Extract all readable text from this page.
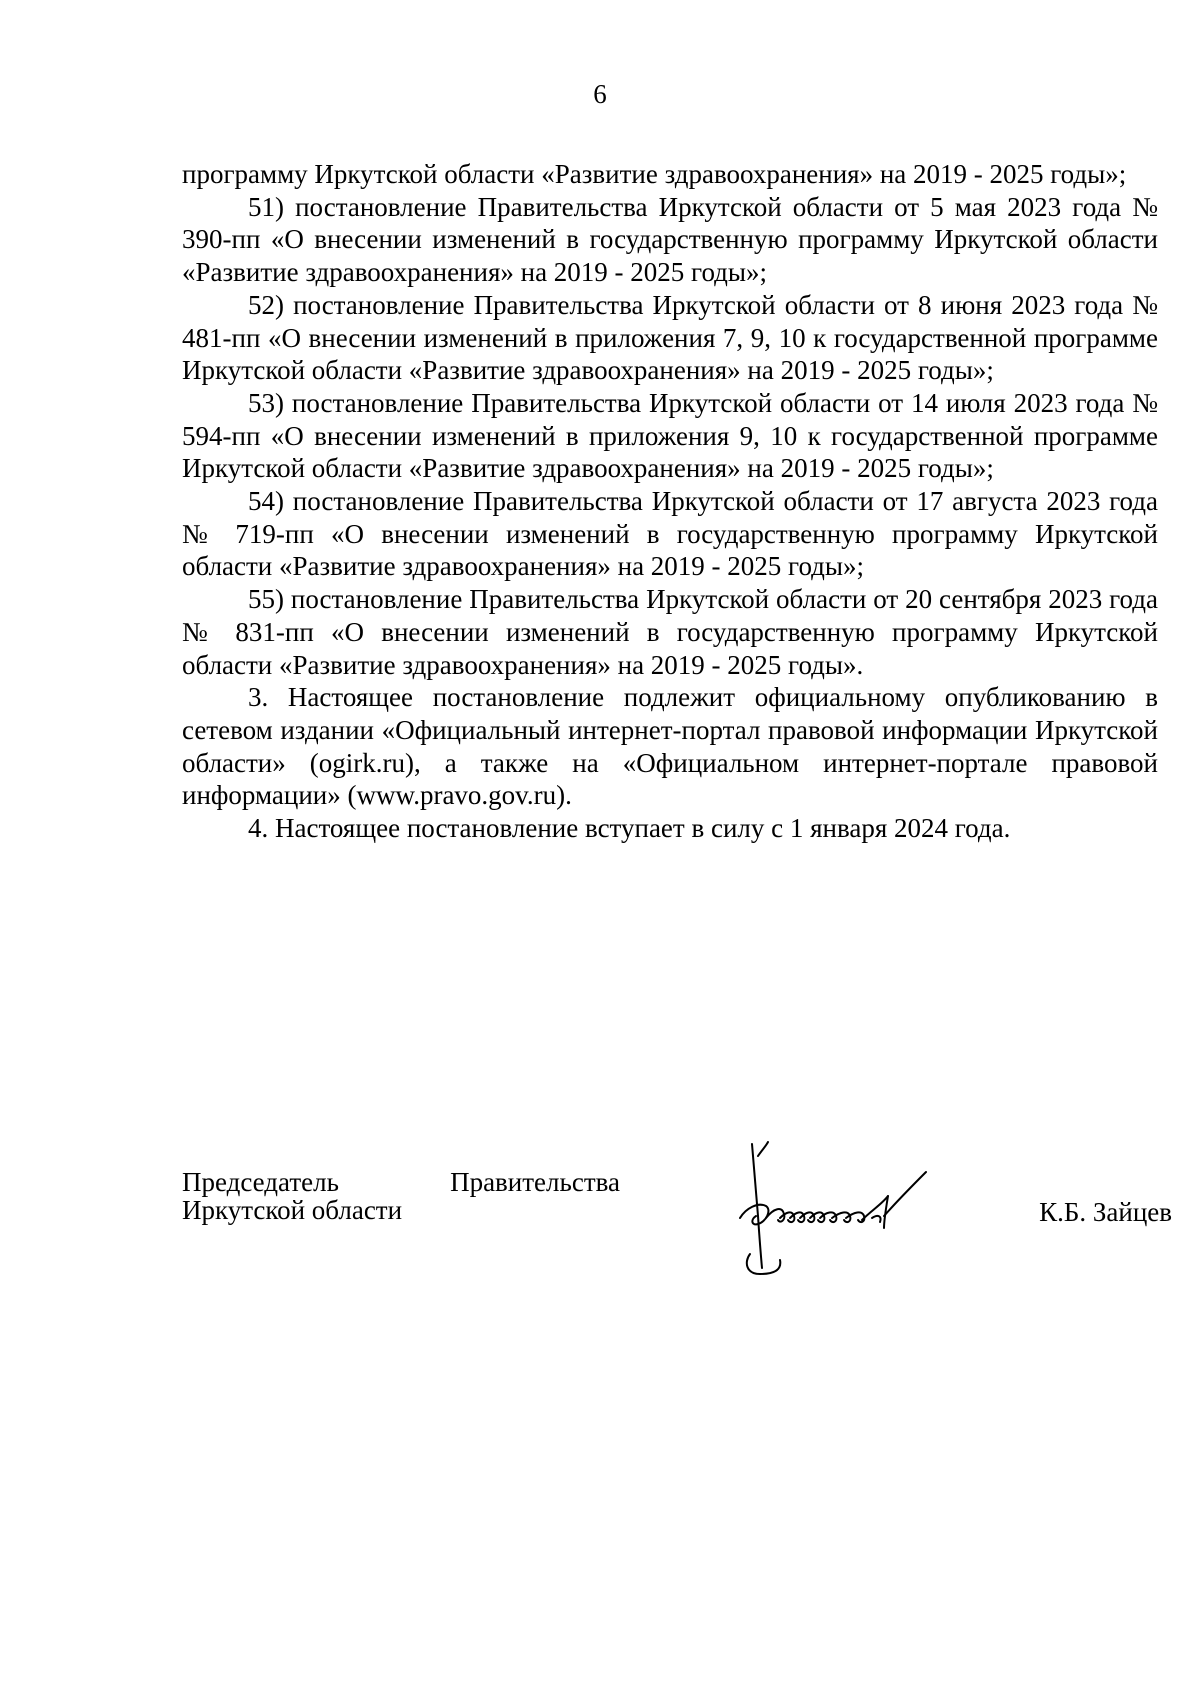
6

программу Иркутской области «Развитие здравоохранения» на 2019 - 2025 годы»;

51) постановление Правительства Иркутской области от 5 мая 2023 года № 390-пп «О внесении изменений в государственную программу Иркутской области «Развитие здравоохранения» на 2019 - 2025 годы»;

52) постановление Правительства Иркутской области от 8 июня 2023 года № 481-пп «О внесении изменений в приложения 7, 9, 10 к государственной программе Иркутской области «Развитие здравоохранения» на 2019 - 2025 годы»;

53) постановление Правительства Иркутской области от 14 июля 2023 года № 594-пп «О внесении изменений в приложения 9, 10 к государственной программе Иркутской области «Развитие здравоохранения» на 2019 - 2025 годы»;

54) постановление Правительства Иркутской области от 17 августа 2023 года № 719-пп «О внесении изменений в государственную программу Иркутской области «Развитие здравоохранения» на 2019 - 2025 годы»;

55) постановление Правительства Иркутской области от 20 сентября 2023 года № 831-пп «О внесении изменений в государственную программу Иркутской области «Развитие здравоохранения» на 2019 - 2025 годы».

3. Настоящее постановление подлежит официальному опубликованию в сетевом издании «Официальный интернет-портал правовой информации Иркутской области» (ogirk.ru), а также на «Официальном интернет-портале правовой информации» (www.pravo.gov.ru).

4. Настоящее постановление вступает в силу с 1 января 2024 года.

Председатель	Правительства
Иркутской области	К.Б. Зайцев
